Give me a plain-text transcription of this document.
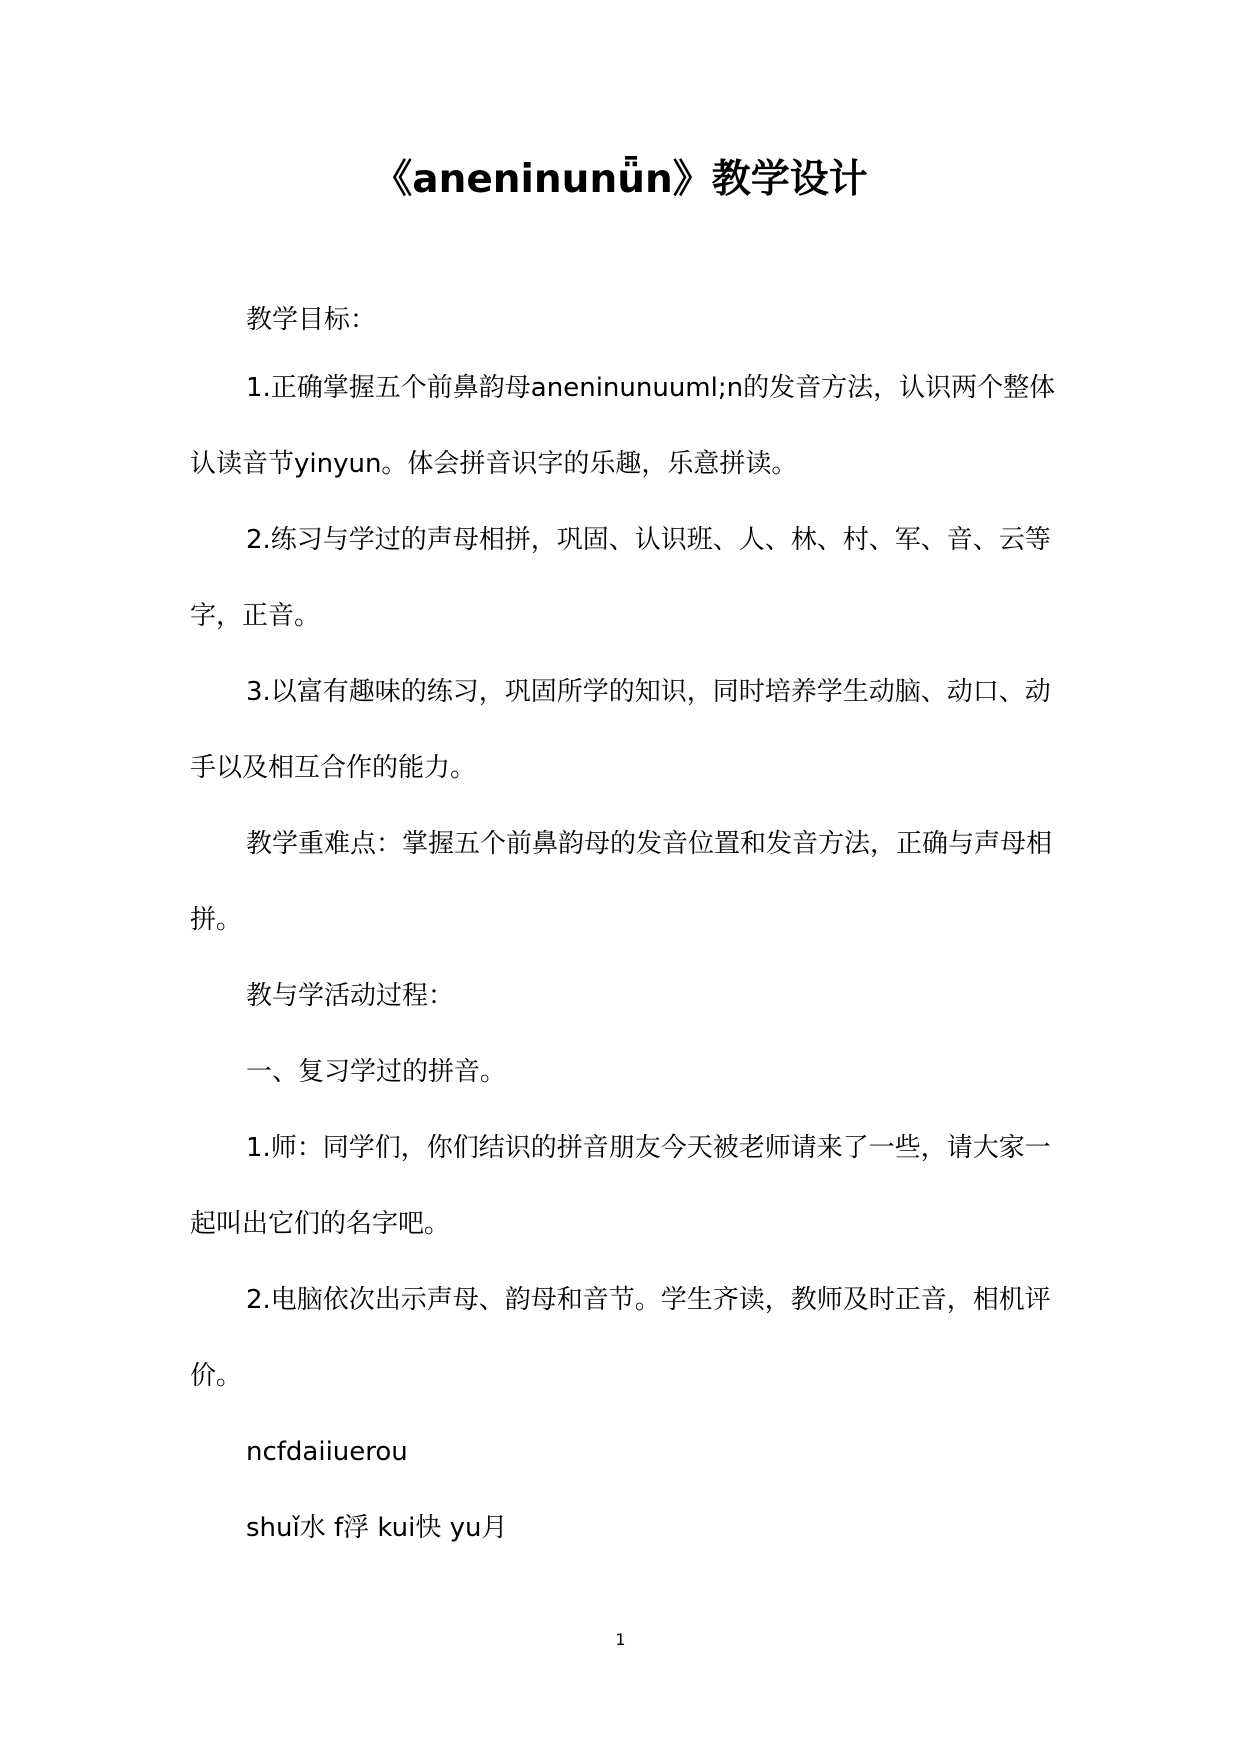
《aneninunǖn》教学设计

教学目标：

1.正确掌握五个前鼻韵母aneninunuuml;n的发音方法，认识两个整体认读音节yinyun。体会拼音识字的乐趣，乐意拼读。

2.练习与学过的声母相拼，巩固、认识班、人、林、村、军、音、云等字，正音。

3.以富有趣味的练习，巩固所学的知识，同时培养学生动脑、动口、动手以及相互合作的能力。

教学重难点：掌握五个前鼻韵母的发音位置和发音方法，正确与声母相拼。

教与学活动过程：

一、复习学过的拼音。

1.师：同学们，你们结识的拼音朋友今天被老师请来了一些，请大家一起叫出它们的名字吧。

2.电脑依次出示声母、韵母和音节。学生齐读，教师及时正音，相机评价。

ncfdaiiuerou

shuǐ水 f浮 kui快 yu月

1
